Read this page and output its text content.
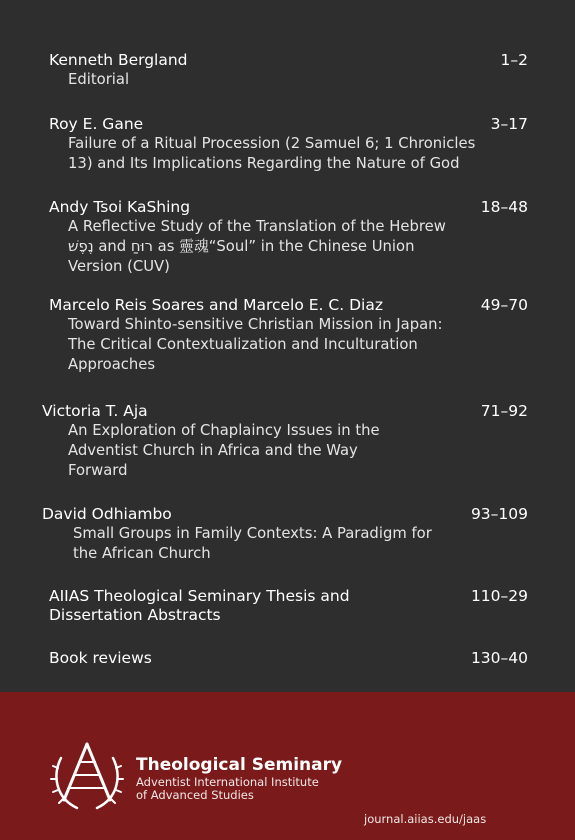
Kenneth Bergland
Editorial
1–2
Roy E. Gane
Failure of a Ritual Procession (2 Samuel 6; 1 Chronicles
13) and Its Implications Regarding the Nature of God
3–17
Andy Tsoi KaShing
A Reflective Study of the Translation of the Hebrew
נֶפֶשׁ and רוּחַ as 靈魂“Soul” in the Chinese Union
Version (CUV)
18–48
Marcelo Reis Soares and Marcelo E. C. Diaz
Toward Shinto-sensitive Christian Mission in Japan:
The Critical Contextualization and Inculturation
Approaches
49–70
Victoria T. Aja
An Exploration of Chaplaincy Issues in the
Adventist Church in Africa and the Way
Forward
71–92
David Odhiambo
Small Groups in Family Contexts: A Paradigm for
the African Church
93–109
AIIAS Theological Seminary Thesis and
Dissertation Abstracts
110–29
Book reviews	130–40
Theological Seminary
Adventist International Institute
of Advanced Studies
journal.aiias.edu/jaas
